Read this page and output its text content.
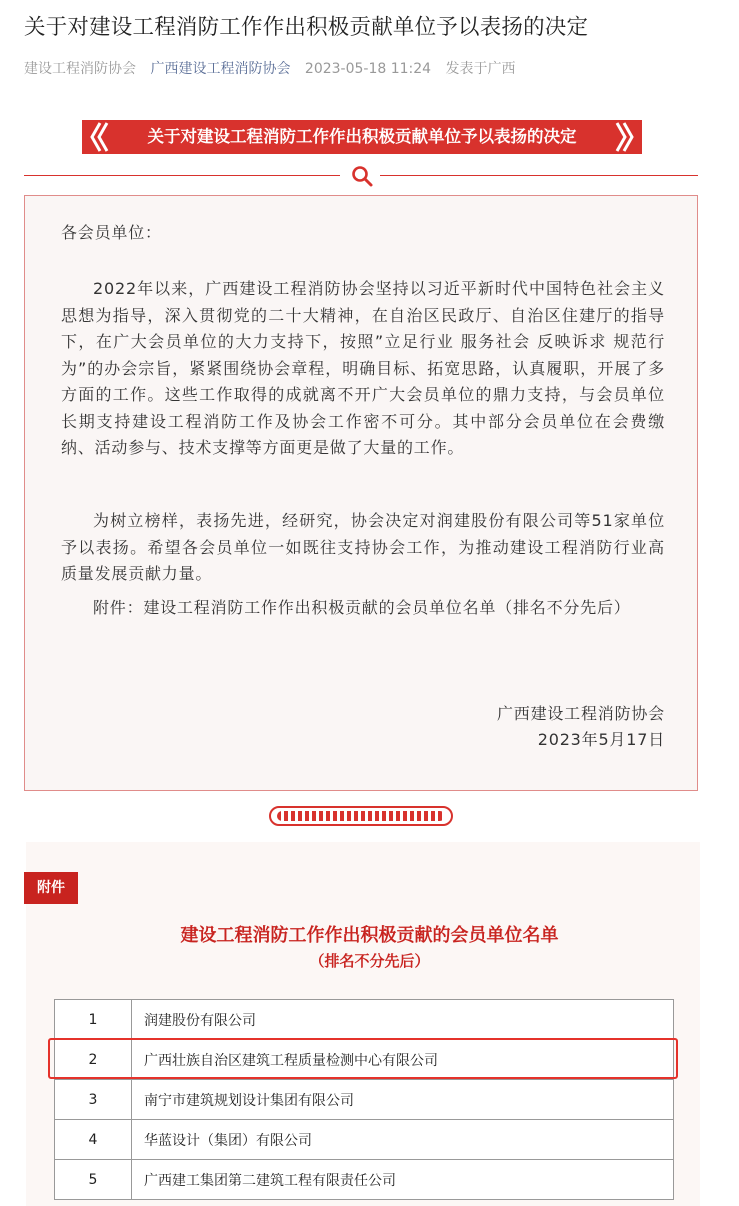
关于对建设工程消防工作作出积极贡献单位予以表扬的决定
建设工程消防协会 广西建设工程消防协会 2023-05-18 11:24 发表于广西
关于对建设工程消防工作作出积极贡献单位予以表扬的决定

各会员单位：

2022年以来，广西建设工程消防协会坚持以习近平新时代中国特色社会主义思想为指导，深入贯彻党的二十大精神，在自治区民政厅、自治区住建厅的指导下，在广大会员单位的大力支持下，按照”立足行业 服务社会 反映诉求 规范行为”的办会宗旨，紧紧围绕协会章程，明确目标、拓宽思路，认真履职，开展了多方面的工作。这些工作取得的成就离不开广大会员单位的鼎力支持，与会员单位长期支持建设工程消防工作及协会工作密不可分。其中部分会员单位在会费缴纳、活动参与、技术支撑等方面更是做了大量的工作。

为树立榜样，表扬先进，经研究，协会决定对润建股份有限公司等51家单位予以表扬。希望各会员单位一如既往支持协会工作，为推动建设工程消防行业高质量发展贡献力量。

附件：建设工程消防工作作出积极贡献的会员单位名单（排名不分先后）

广西建设工程消防协会

2023年5月17日

附件
建设工程消防工作作出积极贡献的会员单位名单
（排名不分先后）
1	润建股份有限公司
2	广西壮族自治区建筑工程质量检测中心有限公司
3	南宁市建筑规划设计集团有限公司
4	华蓝设计（集团）有限公司
5	广西建工集团第二建筑工程有限责任公司
